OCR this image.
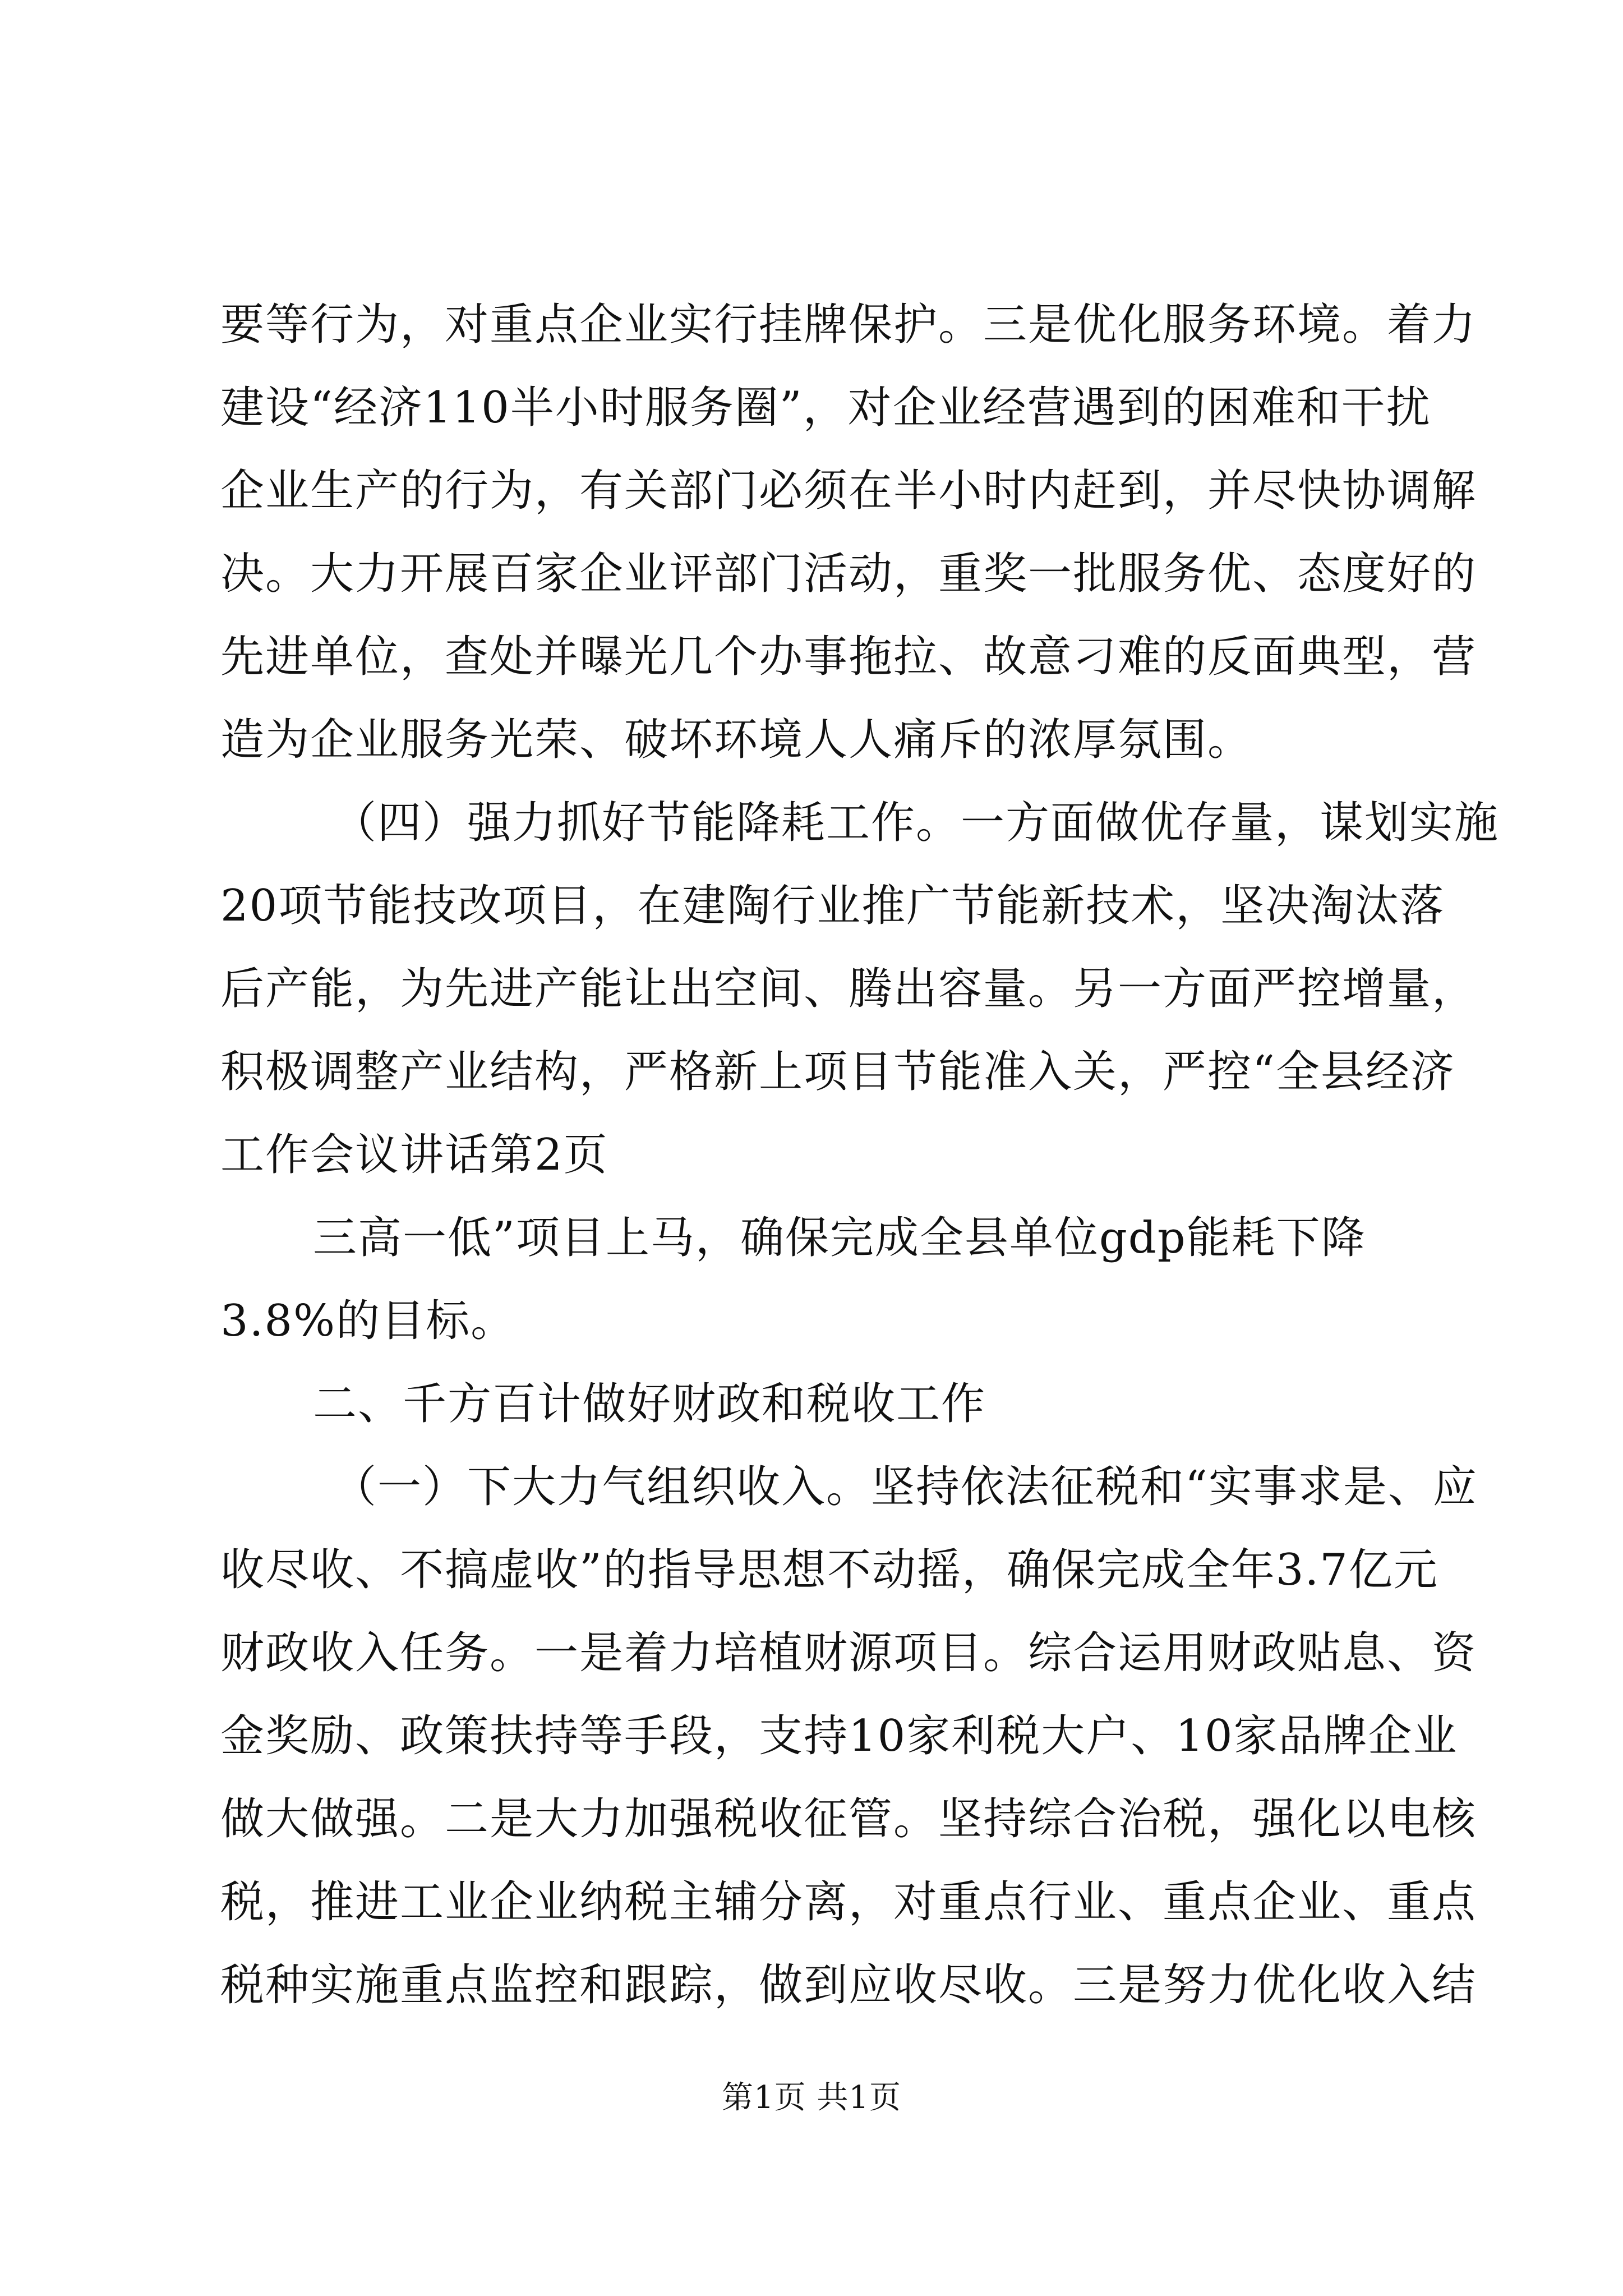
要等行为，对重点企业实行挂牌保护。三是优化服务环境。着力
建设“经济110半小时服务圈”，对企业经营遇到的困难和干扰
企业生产的行为，有关部门必须在半小时内赶到，并尽快协调解
决。大力开展百家企业评部门活动，重奖一批服务优、态度好的
先进单位，查处并曝光几个办事拖拉、故意刁难的反面典型，营
造为企业服务光荣、破坏环境人人痛斥的浓厚氛围。
（四）强力抓好节能降耗工作。一方面做优存量，谋划实施
20项节能技改项目，在建陶行业推广节能新技术，坚决淘汰落
后产能，为先进产能让出空间、腾出容量。另一方面严控增量，
积极调整产业结构，严格新上项目节能准入关，严控“全县经济
工作会议讲话第2页
三高一低”项目上马，确保完成全县单位gdp能耗下降
3.8%的目标。
二、千方百计做好财政和税收工作
（一）下大力气组织收入。坚持依法征税和“实事求是、应
收尽收、不搞虚收”的指导思想不动摇，确保完成全年3.7亿元
财政收入任务。一是着力培植财源项目。综合运用财政贴息、资
金奖励、政策扶持等手段，支持10家利税大户、10家品牌企业
做大做强。二是大力加强税收征管。坚持综合治税，强化以电核
税，推进工业企业纳税主辅分离，对重点行业、重点企业、重点
税种实施重点监控和跟踪，做到应收尽收。三是努力优化收入结
第1页 共1页
